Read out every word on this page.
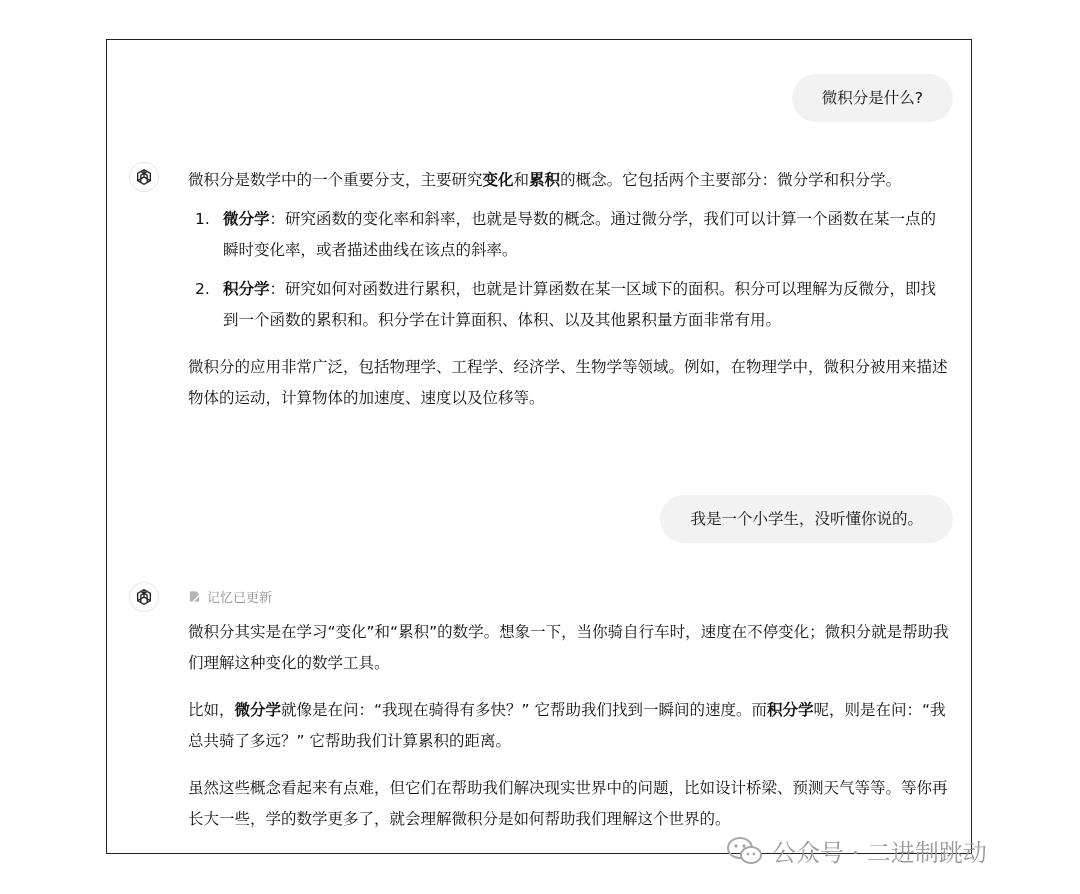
微积分是什么?

微积分是数学中的一个重要分支，主要研究变化和累积的概念。它包括两个主要部分：微分学和积分学。

1. 微分学：研究函数的变化率和斜率，也就是导数的概念。通过微分学，我们可以计算一个函数在某一点的瞬时变化率，或者描述曲线在该点的斜率。
2. 积分学：研究如何对函数进行累积，也就是计算函数在某一区域下的面积。积分可以理解为反微分，即找到一个函数的累积和。积分学在计算面积、体积、以及其他累积量方面非常有用。

微积分的应用非常广泛，包括物理学、工程学、经济学、生物学等领域。例如，在物理学中，微积分被用来描述物体的运动，计算物体的加速度、速度以及位移等。

我是一个小学生，没听懂你说的。
记忆已更新

微积分其实是在学习“变化”和“累积”的数学。想象一下，当你骑自行车时，速度在不停变化；微积分就是帮助我们理解这种变化的数学工具。

比如，微分学就像是在问：“我现在骑得有多快？” 它帮助我们找到一瞬间的速度。而积分学呢，则是在问：“我总共骑了多远？” 它帮助我们计算累积的距离。

虽然这些概念看起来有点难，但它们在帮助我们解决现实世界中的问题，比如设计桥梁、预测天气等等。等你再长大一些，学的数学更多了，就会理解微积分是如何帮助我们理解这个世界的。

公众号 · 二进制跳动
